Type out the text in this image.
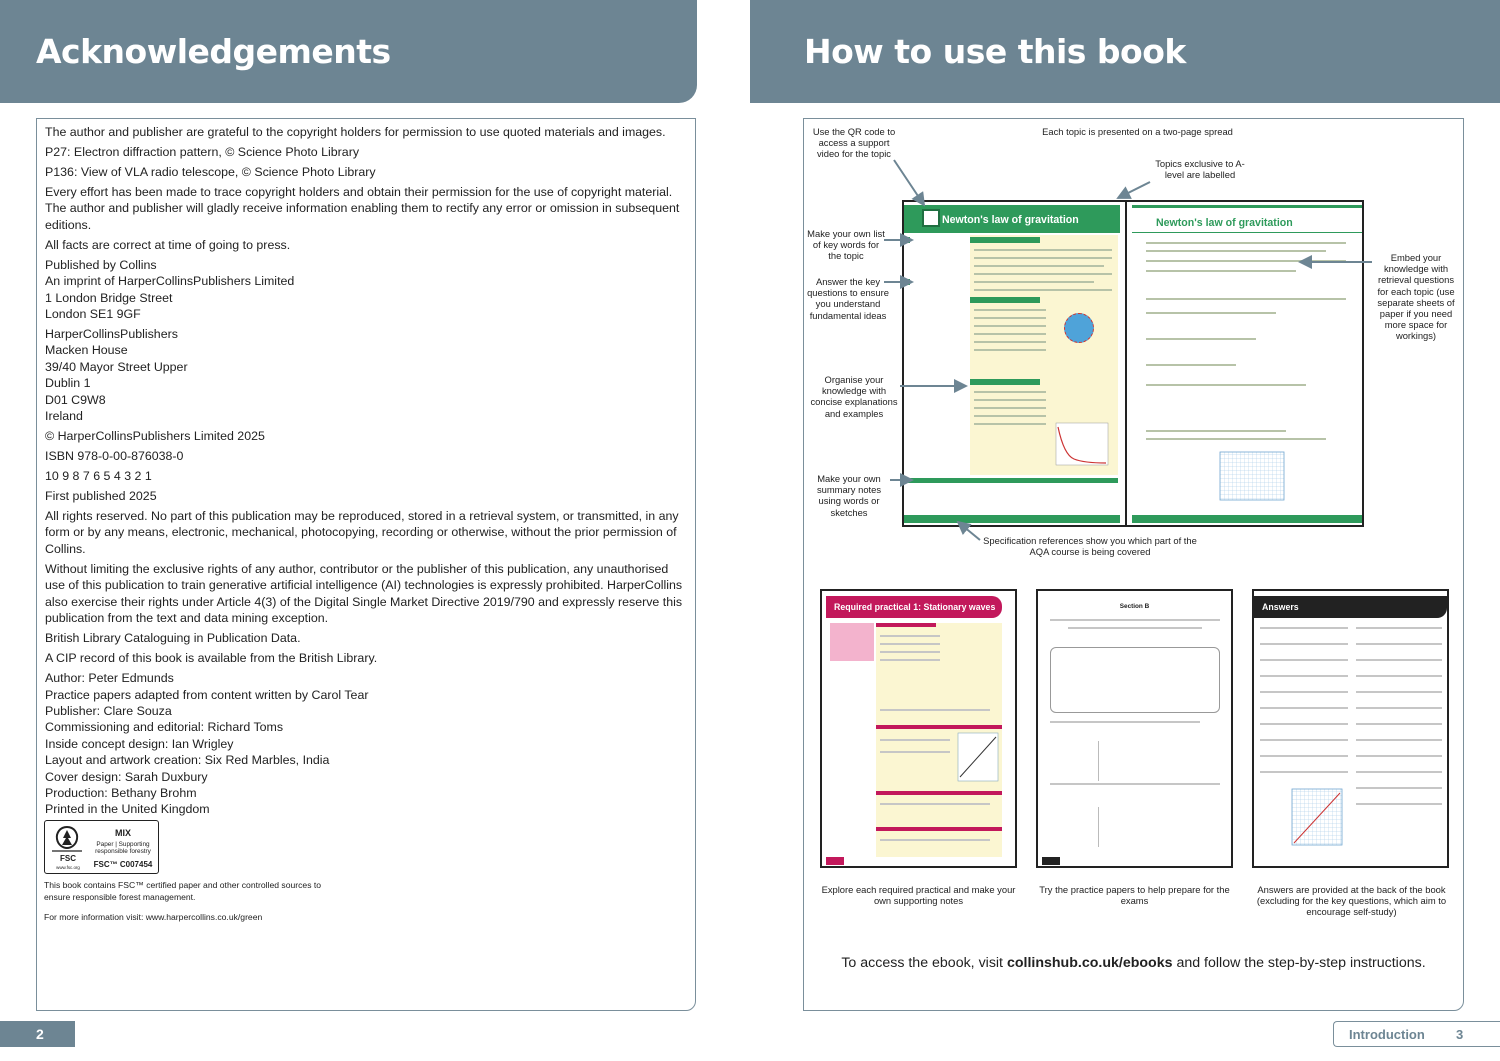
Acknowledgements

The author and publisher are grateful to the copyright holders for permission to use quoted materials and images.

P27: Electron diffraction pattern, © Science Photo Library

P136: View of VLA radio telescope, © Science Photo Library

Every effort has been made to trace copyright holders and obtain their permission for the use of copyright material. The author and publisher will gladly receive information enabling them to rectify any error or omission in subsequent editions.

All facts are correct at time of going to press.

Published by Collins
An imprint of HarperCollinsPublishers Limited
1 London Bridge Street
London SE1 9GF

HarperCollinsPublishers
Macken House
39/40 Mayor Street Upper
Dublin 1
D01 C9W8
Ireland

© HarperCollinsPublishers Limited 2025

ISBN 978-0-00-876038-0

10 9 8 7 6 5 4 3 2 1

First published 2025

All rights reserved. No part of this publication may be reproduced, stored in a retrieval system, or transmitted, in any form or by any means, electronic, mechanical, photocopying, recording or otherwise, without the prior permission of Collins.

Without limiting the exclusive rights of any author, contributor or the publisher of this publication, any unauthorised use of this publication to train generative artificial intelligence (AI) technologies is expressly prohibited. HarperCollins also exercise their rights under Article 4(3) of the Digital Single Market Directive 2019/790 and expressly reserve this publication from the text and data mining exception.

British Library Cataloguing in Publication Data.

A CIP record of this book is available from the British Library.

Author: Peter Edmunds
Practice papers adapted from content written by Carol Tear
Publisher: Clare Souza
Commissioning and editorial: Richard Toms
Inside concept design: Ian Wrigley
Layout and artwork creation: Six Red Marbles, India
Cover design: Sarah Duxbury
Production: Bethany Brohm
Printed in the United Kingdom

FSC
www.fsc.org
MIX
Paper | Supporting responsible forestry
FSC™ C007454
This book contains FSC™ certified paper and other controlled sources to ensure responsible forest management.
For more information visit: www.harpercollins.co.uk/green
2
How to use this book
Use the QR code to access a support video for the topic
Each topic is presented on a two-page spread
Topics exclusive to A-level are labelled
Make your own list of key words for the topic
Answer the key questions to ensure you understand fundamental ideas
Organise your knowledge with concise explanations and examples
Make your own summary notes using words or sketches
Embed your knowledge with retrieval questions for each topic (use separate sheets of paper if you need more space for workings)
Specification references show you which part of the AQA course is being covered
Newton's law of gravitation	Newton's law of gravitation
Required practical 1: Stationary waves	Section B	Answers
Explore each required practical and make your own supporting notes
Try the practice papers to help prepare for the exams
Answers are provided at the back of the book (excluding for the key questions, which aim to encourage self-study)
To access the ebook, visit collinshub.co.uk/ebooks and follow the step-by-step instructions.
Introduction 3
